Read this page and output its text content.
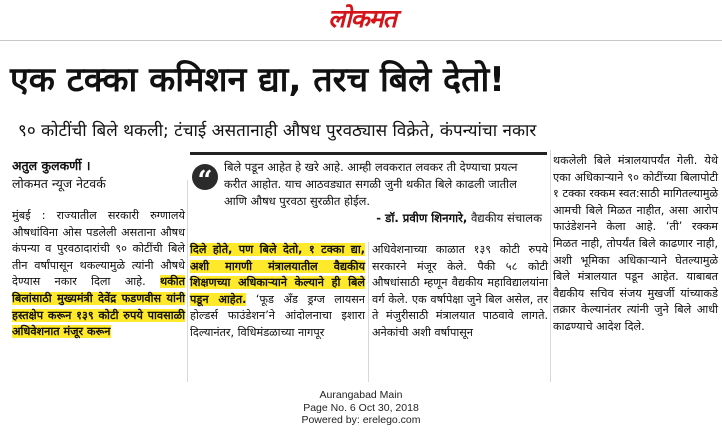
लोकमत
एक टक्का कमिशन द्या, तरच बिले देतो!
९० कोटींची बिले थकली; टंचाई असतानाही औषध पुरवठ्यास विक्रेते, कंपन्यांचा नकार
अतुल कुलकर्णी ।
लोकमत न्यूज नेटवर्क
मुंबई : राज्यातील सरकारी रुग्णालये औषधांविना ओस पडलेली असताना औषध कंपन्या व पुरवठादारांची ९० कोटींची बिले तीन वर्षांपासून थकल्यामुळे त्यांनी औषधे देण्यास नकार दिला आहे. थकीत बिलांसाठी मुख्यमंत्री देवेंद्र फडणवीस यांनी हस्तक्षेप करून १३९ कोटी रुपये पावसाळी अधिवेशनात मंजूर करून
“	बिले पडून आहेत हे खरे आहे. आम्ही लवकरात लवकर ती देण्याचा प्रयत्न करीत आहोत. याच आठवड्यात सगळी जुनी थकीत बिले काढली जातील आणि औषध पुरवठा सुरळीत होईल.
- डॉ. प्रवीण शिनगारे, वैद्यकीय संचालक
दिले होते, पण बिले देतो, १ टक्का द्या, अशी मागणी मंत्रालयातील वैद्यकीय शिक्षणच्या अधिकाऱ्याने केल्याने ही बिले पडून आहेत. ‘फूड अँड ड्रग्ज लायसन होल्डर्स फाउंडेशन’ने आंदोलनाचा इशारा दिल्यानंतर, विधिमंडळाच्या नागपूर
अधिवेशनाच्या काळात १३९ कोटी रुपये सरकारने मंजूर केले. पैकी ५८ कोटी औषधांसाठी म्हणून वैद्यकीय महाविद्यालयांना वर्ग केले. एक वर्षापेक्षा जुने बिल असेल, तर ते मंजुरीसाठी मंत्रालयात पाठवावे लागते. अनेकांची अशी वर्षापासून
थकलेली बिले मंत्रालयापर्यंत गेली. येथे एका अधिकाऱ्याने ९० कोटींच्या बिलापोटी १ टक्का रक्कम स्वत:साठी मागितल्यामुळे आमची बिले मिळत नाहीत, असा आरोप फाउंडेशनने केला आहे. ‘ती’ रक्कम मिळत नाही, तोपर्यंत बिले काढणार नाही, अशी भूमिका अधिकाऱ्याने घेतल्यामुळे बिले मंत्रालयात पडून आहेत. याबाबत वैद्यकीय सचिव संजय मुखर्जी यांच्याकडे तक्रार केल्यानंतर त्यांनी जुने बिले आधी काढण्याचे आदेश दिले.
Aurangabad Main
Page No. 6 Oct 30, 2018
Powered by: erelego.com
